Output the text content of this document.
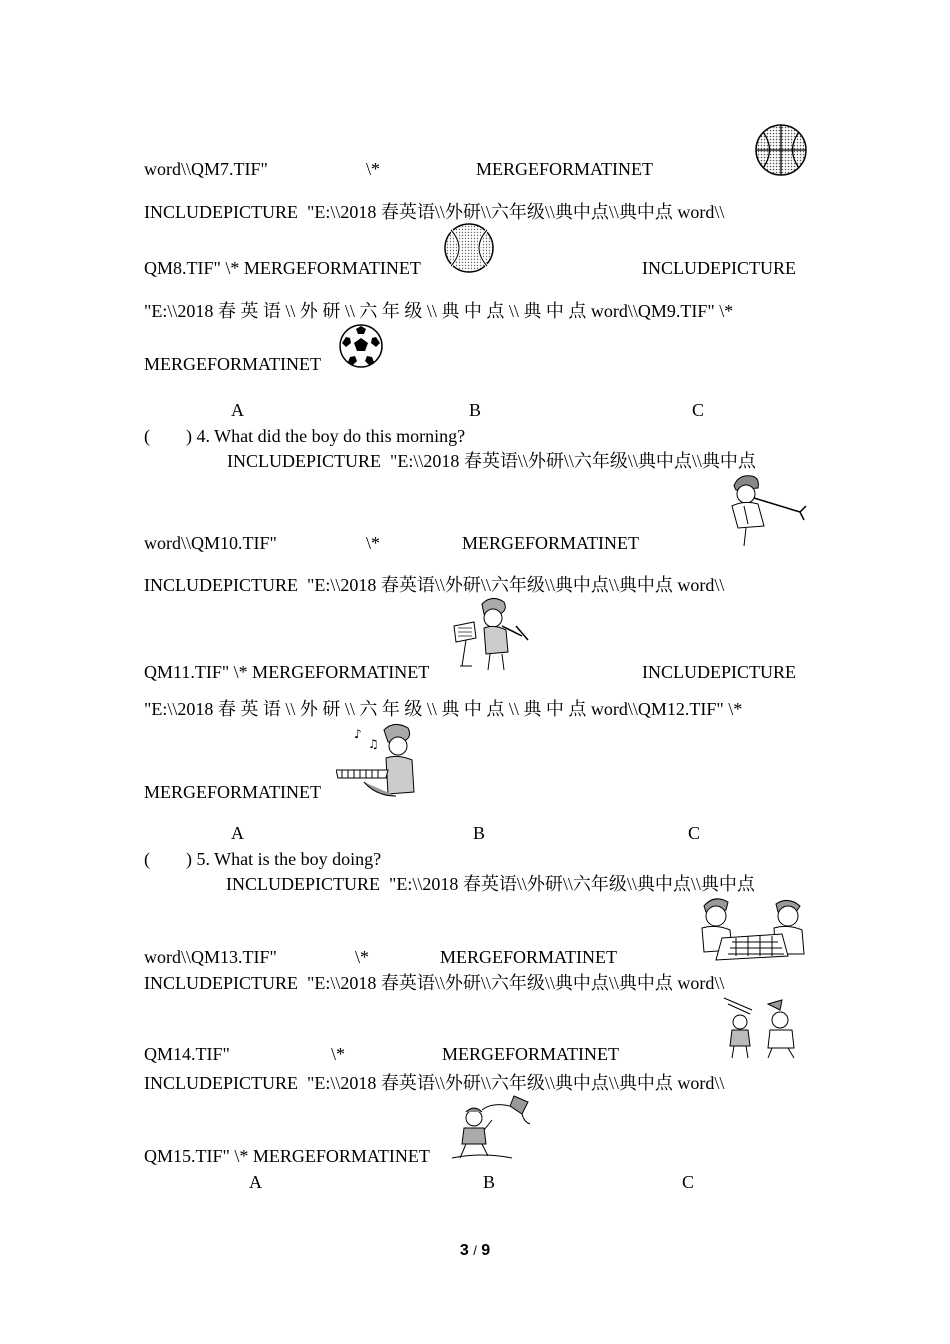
word\\QM7.TIF"	\*	MERGEFORMATINET
INCLUDEPICTURE  "E:\\2018 春英语\\外研\\六年级\\典中点\\典中点 word\\
QM8.TIF" \* MERGEFORMATINET	INCLUDEPICTURE
"E:\\2018 春 英 语 \\ 外 研 \\ 六 年 级 \\ 典 中 点 \\ 典 中 点 word\\QM9.TIF" \*
MERGEFORMATINET
A	B	C
(        ) 4. What did the boy do this morning?
INCLUDEPICTURE  "E:\\2018 春英语\\外研\\六年级\\典中点\\典中点
word\\QM10.TIF"	\*	MERGEFORMATINET
INCLUDEPICTURE  "E:\\2018 春英语\\外研\\六年级\\典中点\\典中点 word\\
QM11.TIF" \* MERGEFORMATINET	INCLUDEPICTURE
"E:\\2018 春 英 语 \\ 外 研 \\ 六 年 级 \\ 典 中 点 \\ 典 中 点 word\\QM12.TIF" \*
♪
♫
MERGEFORMATINET
A	B	C
(        ) 5. What is the boy doing?
INCLUDEPICTURE  "E:\\2018 春英语\\外研\\六年级\\典中点\\典中点
word\\QM13.TIF"	\*	MERGEFORMATINET
INCLUDEPICTURE  "E:\\2018 春英语\\外研\\六年级\\典中点\\典中点 word\\
QM14.TIF"	\*	MERGEFORMATINET
INCLUDEPICTURE  "E:\\2018 春英语\\外研\\六年级\\典中点\\典中点 word\\
QM15.TIF" \* MERGEFORMATINET
A	B	C
3 / 9
